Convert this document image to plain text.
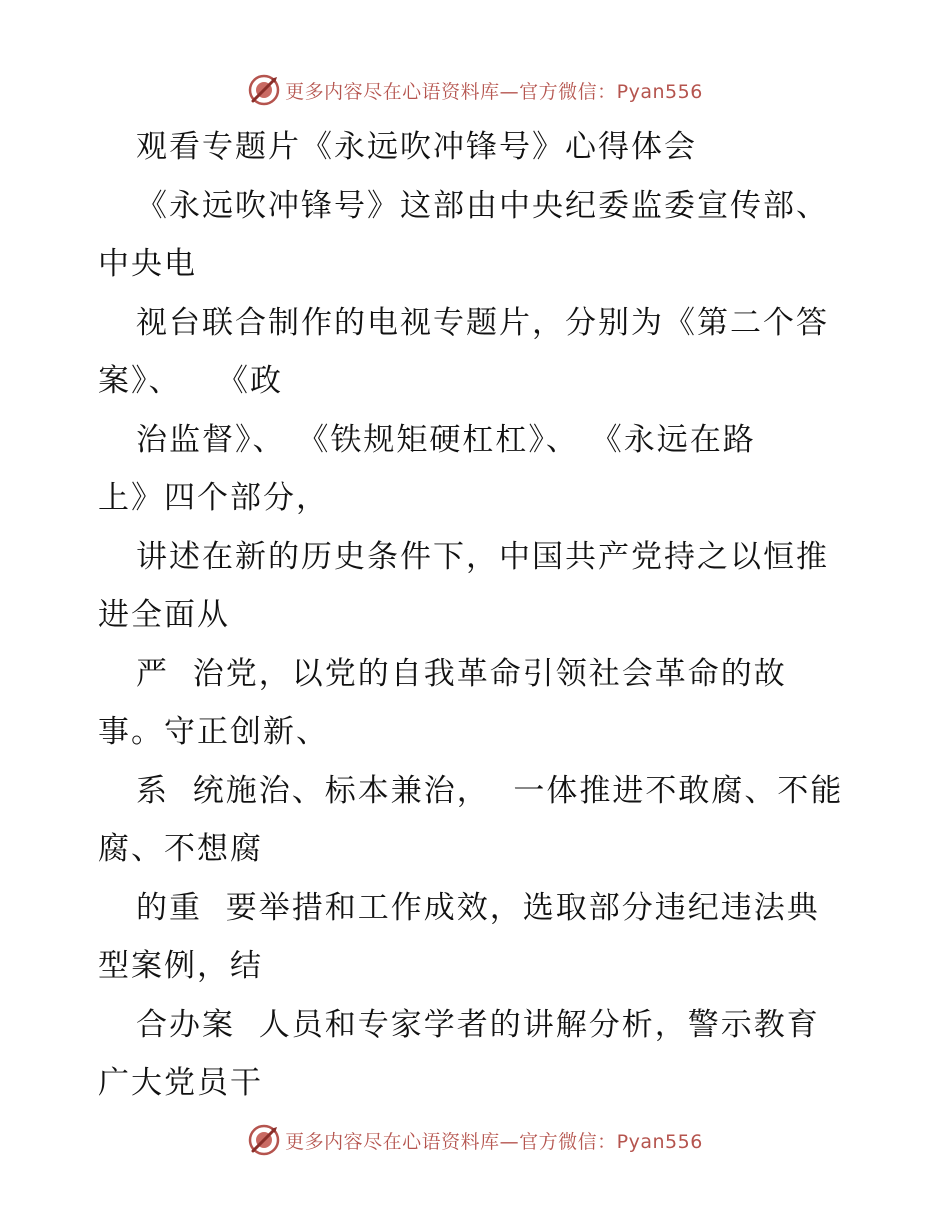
更多内容尽在心语资料库—官方微信：Pyan556
观看专题片《永远吹冲锋号》心得体会
《永远吹冲锋号》这部由中央纪委监委宣传部、
中央电
视台联合制作的电视专题片，分别为《第二个答
案》、   《政
治监督》、 《铁规矩硬杠杠》、 《永远在路
上》四个部分，
讲述在新的历史条件下，中国共产党持之以恒推
进全面从
严  治党，以党的自我革命引领社会革命的故
事。守正创新、
系  统施治、标本兼治，  一体推进不敢腐、不能
腐、不想腐
的重  要举措和工作成效，选取部分违纪违法典
型案例，结
合办案  人员和专家学者的讲解分析，警示教育
广大党员干
更多内容尽在心语资料库—官方微信：Pyan556
